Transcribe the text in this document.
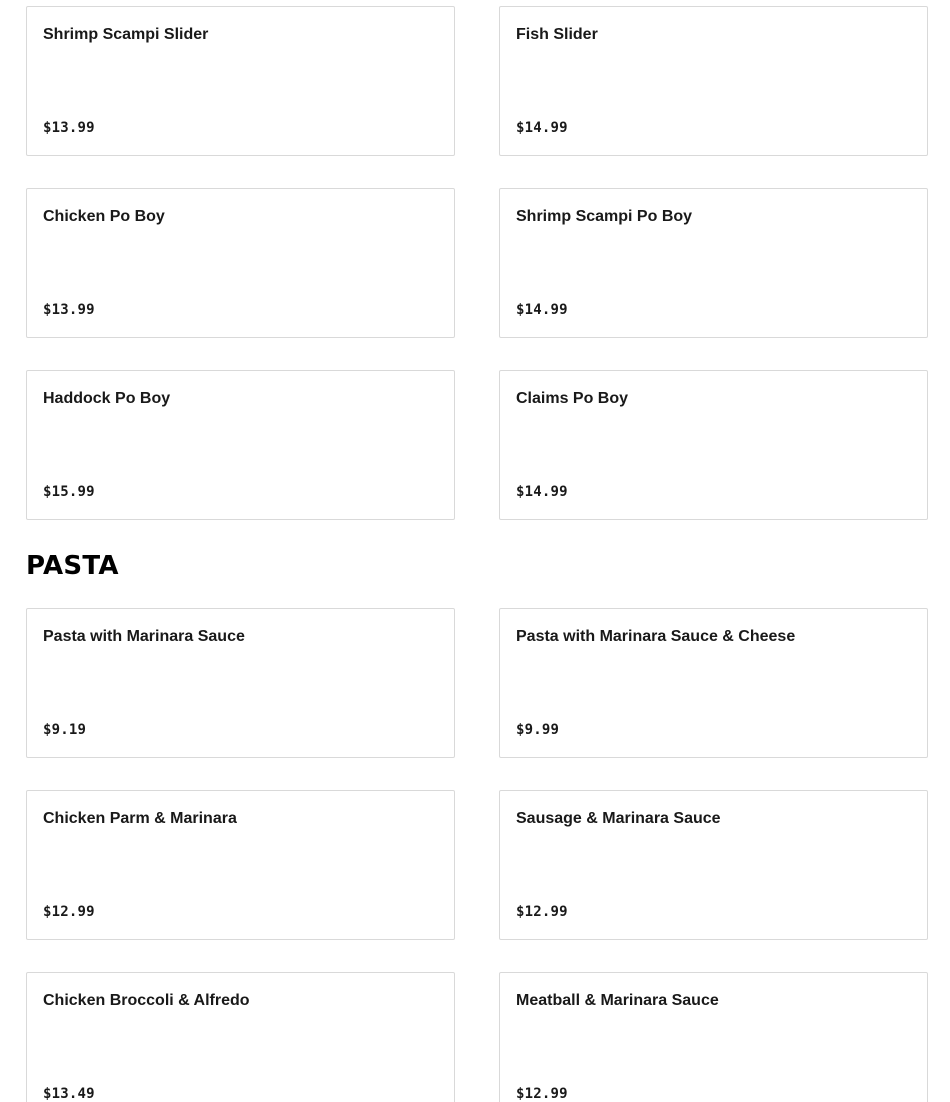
Shrimp Scampi Slider
$13.99
Fish Slider
$14.99
Chicken Po Boy
$13.99
Shrimp Scampi Po Boy
$14.99
Haddock Po Boy
$15.99
Claims Po Boy
$14.99
PASTA
Pasta with Marinara Sauce
$9.19
Pasta with Marinara Sauce & Cheese
$9.99
Chicken Parm & Marinara
$12.99
Sausage & Marinara Sauce
$12.99
Chicken Broccoli & Alfredo
$13.49
Meatball & Marinara Sauce
$12.99
